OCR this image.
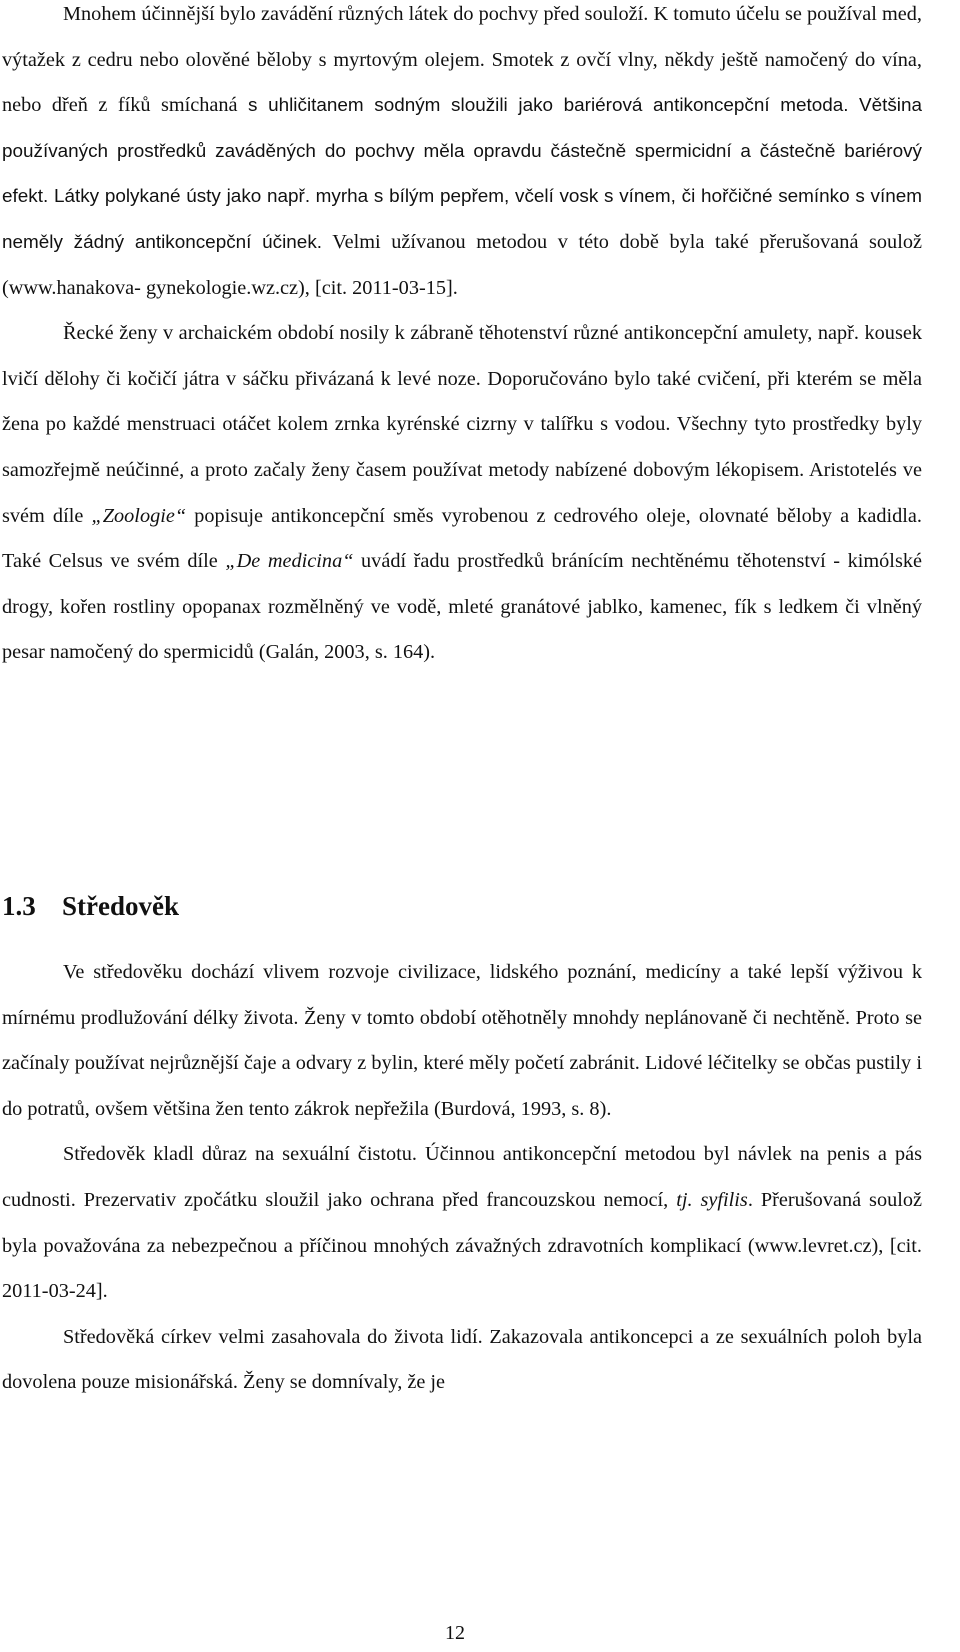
Mnohem účinnější bylo zavádění různých látek do pochvy před souloží. K tomuto účelu se používal med, výtažek z cedru nebo olověné běloby s myrtovým olejem. Smotek z ovčí vlny, někdy ještě namočený do vína, nebo dřeň z fíků smíchaná s uhličitanem sodným sloužili jako bariérová antikoncepční metoda. Většina používaných prostředků zaváděných do pochvy měla opravdu částečně spermicidní a částečně bariérový efekt. Látky polykané ústy jako např. myrha s bílým pepřem, včelí vosk s vínem, či hořčičné semínko s vínem neměly žádný antikoncepční účinek. Velmi užívanou metodou v této době byla také přerušovaná soulož (www.hanakova- gynekologie.wz.cz), [cit. 2011-03-15].

Řecké ženy v archaickém období nosily k zábraně těhotenství různé antikoncepční amulety, např. kousek lvičí dělohy či kočičí játra v sáčku přivázaná k levé noze. Doporučováno bylo také cvičení, při kterém se měla žena po každé menstruaci otáčet kolem zrnka kyrénské cizrny v talířku s vodou. Všechny tyto prostředky byly samozřejmě neúčinné, a proto začaly ženy časem používat metody nabízené dobovým lékopisem. Aristotelés ve svém díle „Zoologie“ popisuje antikoncepční směs vyrobenou z cedrového oleje, olovnaté běloby a kadidla. Také Celsus ve svém díle „De medicina“ uvádí řadu prostředků bránícím nechtěnému těhotenství - kimólské drogy, kořen rostliny opopanax rozmělněný ve vodě, mleté granátové jablko, kamenec, fík s ledkem či vlněný pesar namočený do spermicidů (Galán, 2003, s. 164).

1.3 Středověk

Ve středověku dochází vlivem rozvoje civilizace, lidského poznání, medicíny a také lepší výživou k mírnému prodlužování délky života. Ženy v tomto období otěhotněly mnohdy neplánovaně či nechtěně. Proto se začínaly používat nejrůznější čaje a odvary z bylin, které měly početí zabránit. Lidové léčitelky se občas pustily i do potratů, ovšem většina žen tento zákrok nepřežila (Burdová, 1993, s. 8).

Středověk kladl důraz na sexuální čistotu. Účinnou antikoncepční metodou byl návlek na penis a pás cudnosti. Prezervativ zpočátku sloužil jako ochrana před francouzskou nemocí, tj. syfilis. Přerušovaná soulož byla považována za nebezpečnou a příčinou mnohých závažných zdravotních komplikací (www.levret.cz), [cit. 2011-03-24].

Středověká církev velmi zasahovala do života lidí. Zakazovala antikoncepci a ze sexuálních poloh byla dovolena pouze misionářská. Ženy se domnívaly, že je

12
